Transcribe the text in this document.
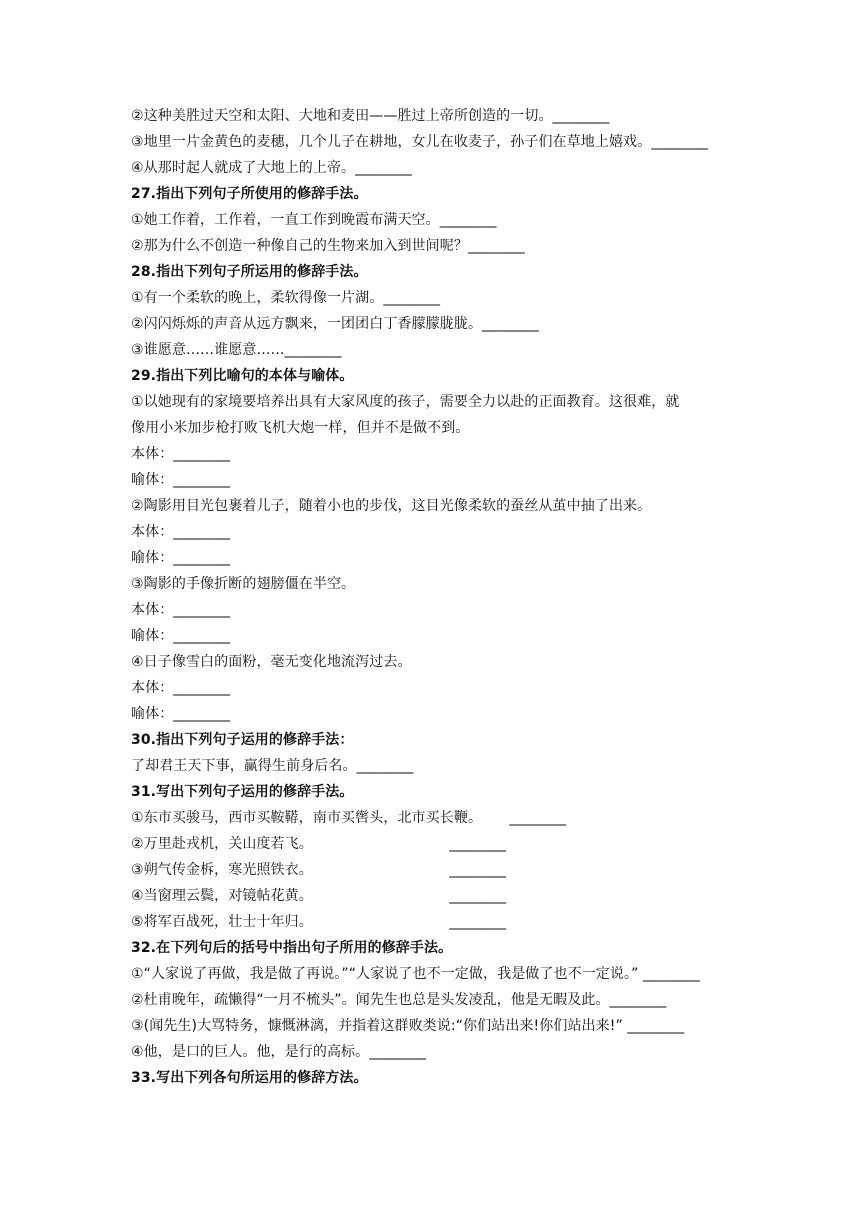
②这种美胜过天空和太阳、大地和麦田——胜过上帝所创造的一切。________
③地里一片金黄色的麦穗，几个儿子在耕地，女儿在收麦子，孙子们在草地上嬉戏。________
④从那时起人就成了大地上的上帝。________
27.指出下列句子所使用的修辞手法。
①她工作着，工作着，一直工作到晚霞布满天空。________
②那为什么不创造一种像自己的生物来加入到世间呢？________
28.指出下列句子所运用的修辞手法。
①有一个柔软的晚上，柔软得像一片湖。________
②闪闪烁烁的声音从远方飘来，一团团白丁香朦朦胧胧。________
③谁愿意……谁愿意……________
29.指出下列比喻句的本体与喻体。
①以她现有的家境要培养出具有大家风度的孩子，需要全力以赴的正面教育。这很难，就
像用小米加步枪打败飞机大炮一样，但并不是做不到。
本体：________
喻体：________
②陶影用目光包裹着儿子，随着小也的步伐，这目光像柔软的蚕丝从茧中抽了出来。
本体：________
喻体：________
③陶影的手像折断的翅膀僵在半空。
本体：________
喻体：________
④日子像雪白的面粉，毫无变化地流泻过去。
本体：________
喻体：________
30.指出下列句子运用的修辞手法：
了却君王天下事，赢得生前身后名。________
31.写出下列句子运用的修辞手法。
①东市买骏马，西市买鞍鞯，南市买辔头，北市买长鞭。      ________
②万里赴戎机，关山度若飞。                              ________
③朔气传金柝，寒光照铁衣。                              ________
④当窗理云鬓，对镜帖花黄。                              ________
⑤将军百战死，壮士十年归。                              ________
32.在下列句后的括号中指出句子所用的修辞手法。
①“人家说了再做，我是做了再说。”“人家说了也不一定做，我是做了也不一定说。” ________
②杜甫晚年，疏懒得“一月不梳头”。闻先生也总是头发凌乱，他是无暇及此。________
③(闻先生)大骂特务，慷慨淋漓，并指着这群败类说:“你们站出来!你们站出来!” ________
④他，是口的巨人。他，是行的高标。________
33.写出下列各句所运用的修辞方法。
